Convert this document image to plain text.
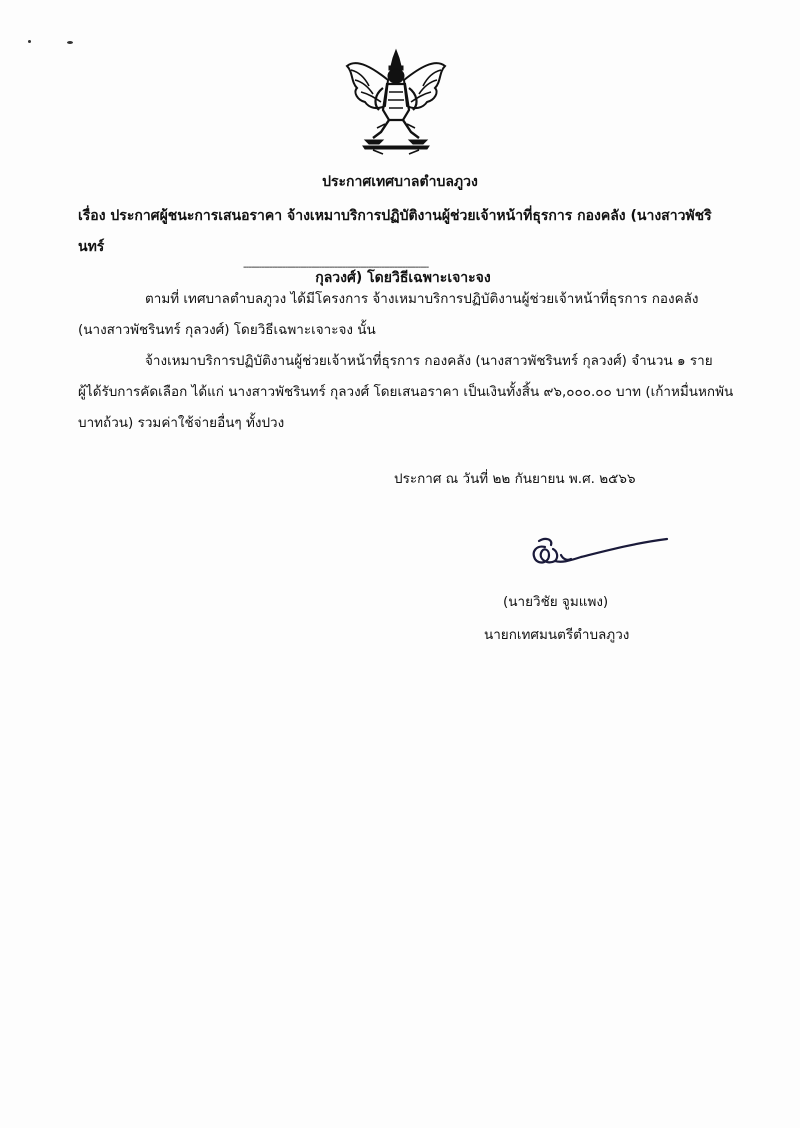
ประกาศเทศบาลตำบลภูวง
เรื่อง ประกาศผู้ชนะการเสนอราคา จ้างเหมาบริการปฏิบัติงานผู้ช่วยเจ้าหน้าที่ธุรการ กองคลัง (นางสาวพัชรินทร์
กุลวงศ์) โดยวิธีเฉพาะเจาะจง
-----------------------------------------------------------------------
ตามที่ เทศบาลตำบลภูวง ได้มีโครงการ จ้างเหมาบริการปฏิบัติงานผู้ช่วยเจ้าหน้าที่ธุรการ กองคลัง
(นางสาวพัชรินทร์ กุลวงศ์) โดยวิธีเฉพาะเจาะจง นั้น
จ้างเหมาบริการปฏิบัติงานผู้ช่วยเจ้าหน้าที่ธุรการ กองคลัง (นางสาวพัชรินทร์ กุลวงศ์) จำนวน ๑ ราย
ผู้ได้รับการคัดเลือก ได้แก่ นางสาวพัชรินทร์ กุลวงศ์ โดยเสนอราคา เป็นเงินทั้งสิ้น ๙๖,๐๐๐.๐๐ บาท (เก้าหมื่นหกพัน
บาทถ้วน) รวมค่าใช้จ่ายอื่นๆ ทั้งปวง
ประกาศ ณ วันที่ ๒๒ กันยายน พ.ศ. ๒๕๖๖
(นายวิชัย จูมแพง)
นายกเทศมนตรีตำบลภูวง
